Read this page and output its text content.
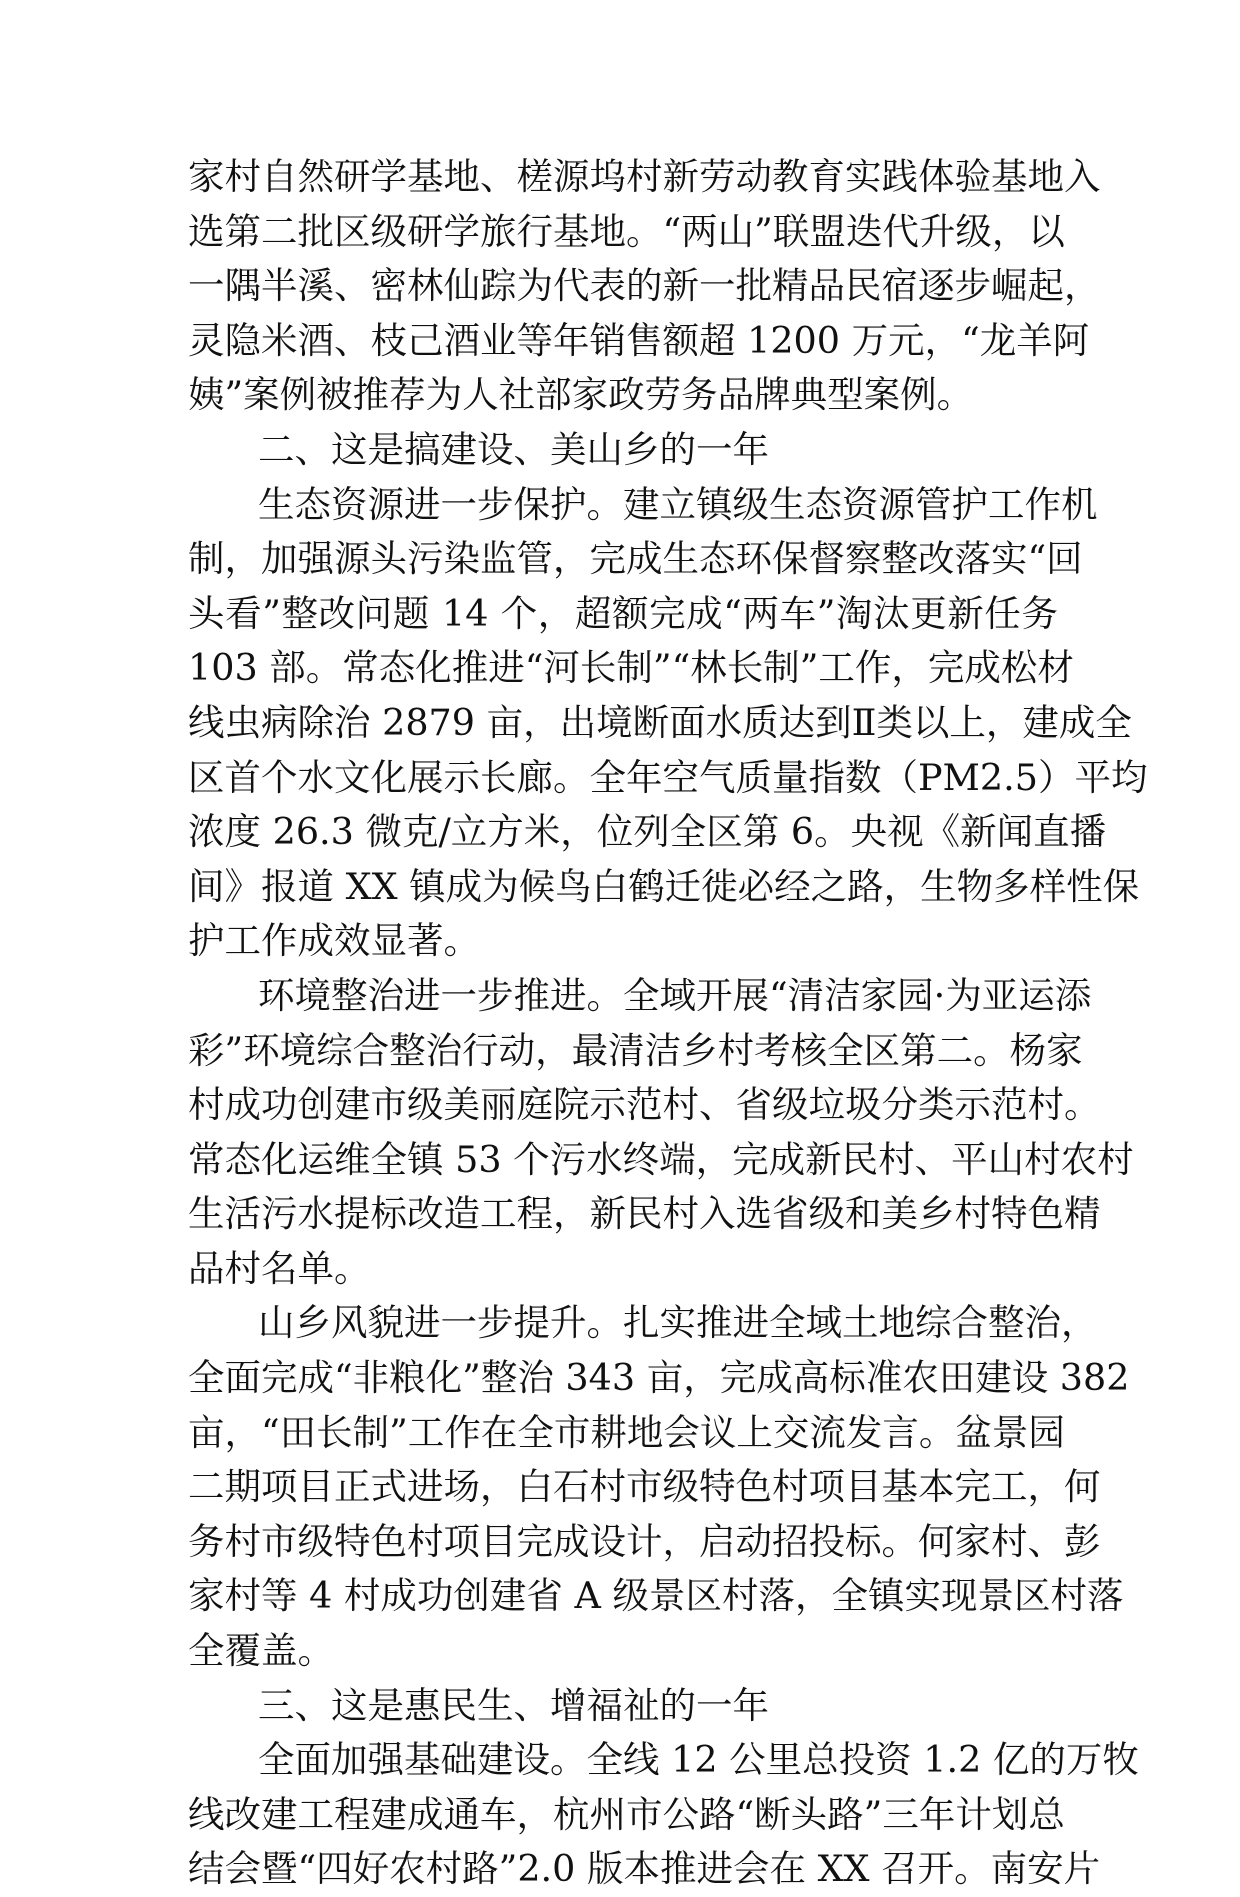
家村自然研学基地、槎源坞村新劳动教育实践体验基地入
选第二批区级研学旅行基地。“两山”联盟迭代升级，以
一隅半溪、密林仙踪为代表的新一批精品民宿逐步崛起，
灵隐米酒、枝己酒业等年销售额超 1200 万元，“龙羊阿
姨”案例被推荐为人社部家政劳务品牌典型案例。
二、这是搞建设、美山乡的一年
生态资源进一步保护。建立镇级生态资源管护工作机
制，加强源头污染监管，完成生态环保督察整改落实“回
头看”整改问题 14 个，超额完成“两车”淘汰更新任务
103 部。常态化推进“河长制”“林长制”工作，完成松材
线虫病除治 2879 亩，出境断面水质达到Ⅱ类以上，建成全
区首个水文化展示长廊。全年空气质量指数（PM2.5）平均
浓度 26.3 微克/立方米，位列全区第 6。央视《新闻直播
间》报道 XX 镇成为候鸟白鹤迁徙必经之路，生物多样性保
护工作成效显著。
环境整治进一步推进。全域开展“清洁家园·为亚运添
彩”环境综合整治行动，最清洁乡村考核全区第二。杨家
村成功创建市级美丽庭院示范村、省级垃圾分类示范村。
常态化运维全镇 53 个污水终端，完成新民村、平山村农村
生活污水提标改造工程，新民村入选省级和美乡村特色精
品村名单。
山乡风貌进一步提升。扎实推进全域土地综合整治，
全面完成“非粮化”整治 343 亩，完成高标准农田建设 382
亩，“田长制”工作在全市耕地会议上交流发言。盆景园
二期项目正式进场，白石村市级特色村项目基本完工，何
务村市级特色村项目完成设计，启动招投标。何家村、彭
家村等 4 村成功创建省 A 级景区村落，全镇实现景区村落
全覆盖。
三、这是惠民生、增福祉的一年
全面加强基础建设。全线 12 公里总投资 1.2 亿的万牧
线改建工程建成通车，杭州市公路“断头路”三年计划总
结会暨“四好农村路”2.0 版本推进会在 XX 召开。南安片
